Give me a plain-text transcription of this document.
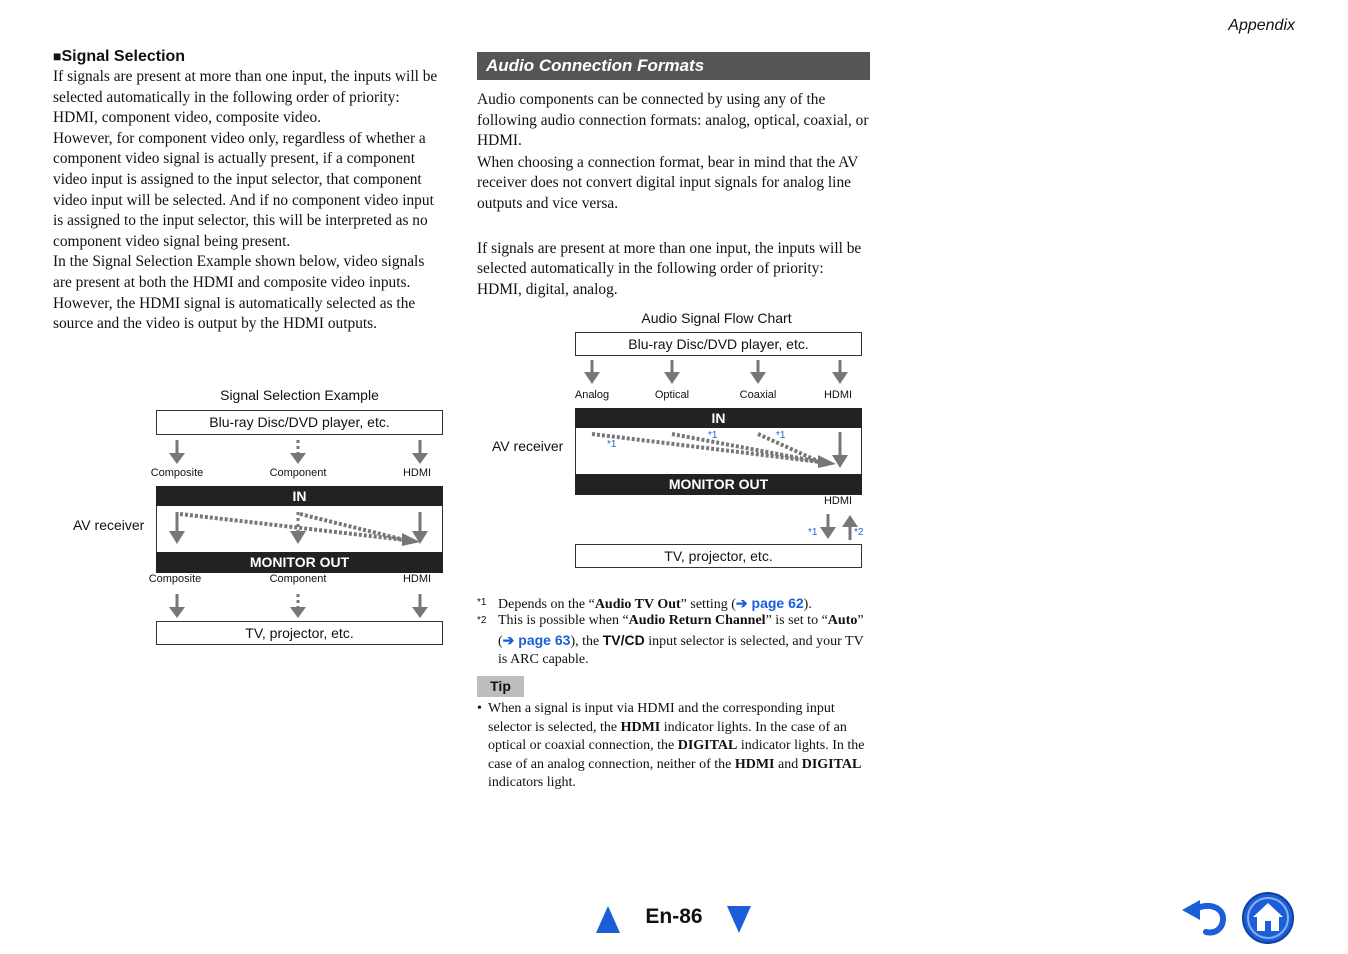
Appendix
■Signal Selection

If signals are present at more than one input, the inputs will be selected automatically in the following order of priority: HDMI, component video, composite video.

However, for component video only, regardless of whether a component video signal is actually present, if a component video input is assigned to the input selector, that component video input will be selected. And if no component video input is assigned to the input selector, this will be interpreted as no component video signal being present.

In the Signal Selection Example shown below, video signals are present at both the HDMI and composite video inputs. However, the HDMI signal is automatically selected as the source and the video is output by the HDMI outputs.

Signal Selection Example
Blu-ray Disc/DVD player, etc.
Composite	Component	HDMI
AV receiver
IN
MONITOR OUT
Composite	Component	HDMI
TV, projector, etc.
Audio Connection Formats

Audio components can be connected by using any of the following audio connection formats: analog, optical, coaxial, or HDMI.

When choosing a connection format, bear in mind that the AV receiver does not convert digital input signals for analog line outputs and vice versa.

If signals are present at more than one input, the inputs will be selected automatically in the following order of priority: HDMI, digital, analog.

Audio Signal Flow Chart
Blu-ray Disc/DVD player, etc.
Analog	Optical	Coaxial	HDMI
AV receiver
IN
MONITOR OUT
*1
*1	*1
HDMI
*1	*2
TV, projector, etc.
$^{*1}$ Depends on the “Audio TV Out” setting (➔ page 62).
*2 This is possible when “Audio Return Channel” is set to “Auto” (➔ page 63), the TV/CD input selector is selected, and your TV is ARC capable.
Tip
• When a signal is input via HDMI and the corresponding input selector is selected, the HDMI indicator lights. In the case of an optical or coaxial connection, the DIGITAL indicator lights. In the case of an analog connection, neither of the HDMI and DIGITAL indicators light.
En-86
